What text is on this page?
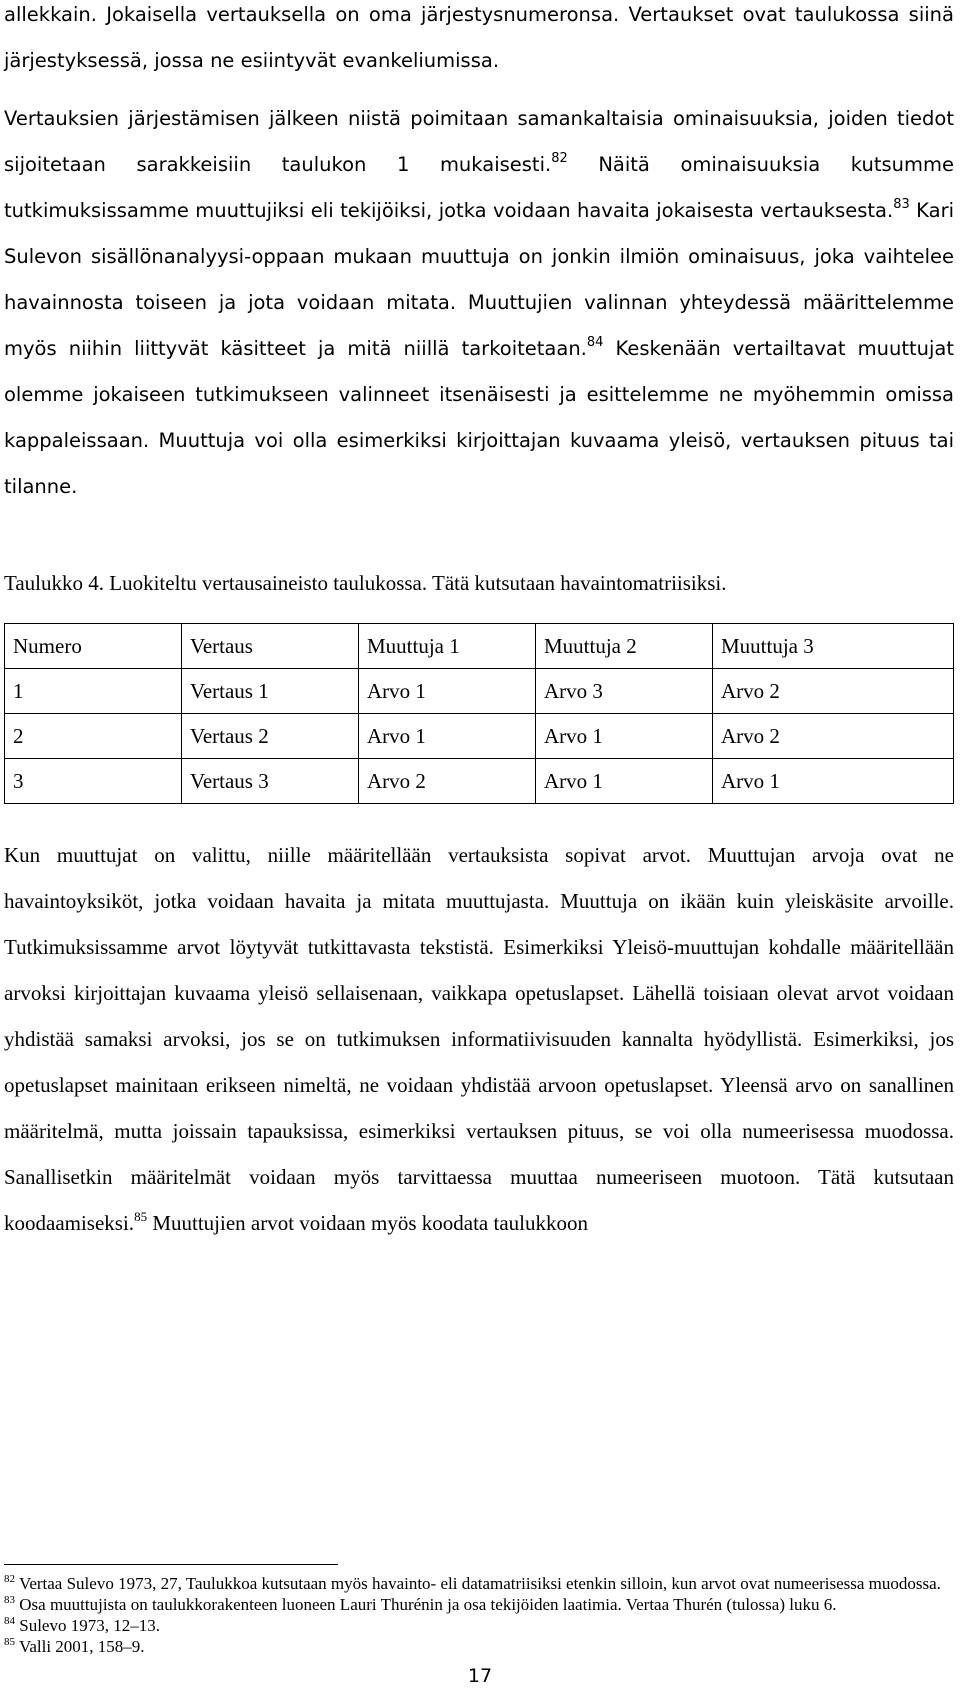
allekkain. Jokaisella vertauksella on oma järjestysnumeronsa. Vertaukset ovat taulukossa siinä järjestyksessä, jossa ne esiintyvät evankeliumissa.

Vertauksien järjestämisen jälkeen niistä poimitaan samankaltaisia ominaisuuksia, joiden tiedot sijoitetaan sarakkeisiin taulukon 1 mukaisesti.$^{82}$ Näitä ominaisuuksia kutsumme tutkimuksissamme muuttujiksi eli tekijöiksi, jotka voidaan havaita jokaisesta vertauksesta.$^{83}$ Kari Sulevon sisällönanalyysi-oppaan mukaan muuttuja on jonkin ilmiön ominaisuus, joka vaihtelee havainnosta toiseen ja jota voidaan mitata. Muuttujien valinnan yhteydessä määrittelemme myös niihin liittyvät käsitteet ja mitä niillä tarkoitetaan.$^{84}$ Keskenään vertailtavat muuttujat olemme jokaiseen tutkimukseen valinneet itsenäisesti ja esittelemme ne myöhemmin omissa kappaleissaan. Muuttuja voi olla esimerkiksi kirjoittajan kuvaama yleisö, vertauksen pituus tai tilanne.

Taulukko 4. Luokiteltu vertausaineisto taulukossa. Tätä kutsutaan havaintomatriisiksi.

Numero	Vertaus	Muuttuja 1	Muuttuja 2	Muuttuja 3
1	Vertaus 1	Arvo 1	Arvo 3	Arvo 2
2	Vertaus 2	Arvo 1	Arvo 1	Arvo 2
3	Vertaus 3	Arvo 2	Arvo 1	Arvo 1

Kun muuttujat on valittu, niille määritellään vertauksista sopivat arvot. Muuttujan arvoja ovat ne havaintoyksiköt, jotka voidaan havaita ja mitata muuttujasta. Muuttuja on ikään kuin yleiskäsite arvoille. Tutkimuksissamme arvot löytyvät tutkittavasta tekstistä. Esimerkiksi Yleisö-muuttujan kohdalle määritellään arvoksi kirjoittajan kuvaama yleisö sellaisenaan, vaikkapa opetuslapset. Lähellä toisiaan olevat arvot voidaan yhdistää samaksi arvoksi, jos se on tutkimuksen informatiivisuuden kannalta hyödyllistä. Esimerkiksi, jos opetuslapset mainitaan erikseen nimeltä, ne voidaan yhdistää arvoon opetuslapset. Yleensä arvo on sanallinen määritelmä, mutta joissain tapauksissa, esimerkiksi vertauksen pituus, se voi olla numeerisessa muodossa. Sanallisetkin määritelmät voidaan myös tarvittaessa muuttaa numeeriseen muotoon. Tätä kutsutaan koodaamiseksi.$^{85}$ Muuttujien arvot voidaan myös koodata taulukkoon

$^{82}$ Vertaa Sulevo 1973, 27, Taulukkoa kutsutaan myös havainto- eli datamatriisiksi etenkin silloin, kun arvot ovat numeerisessa muodossa.

$^{83}$ Osa muuttujista on taulukkorakenteen luoneen Lauri Thurénin ja osa tekijöiden laatimia. Vertaa Thurén (tulossa) luku 6.

$^{84}$ Sulevo 1973, 12–13.

$^{85}$ Valli 2001, 158–9.

17
